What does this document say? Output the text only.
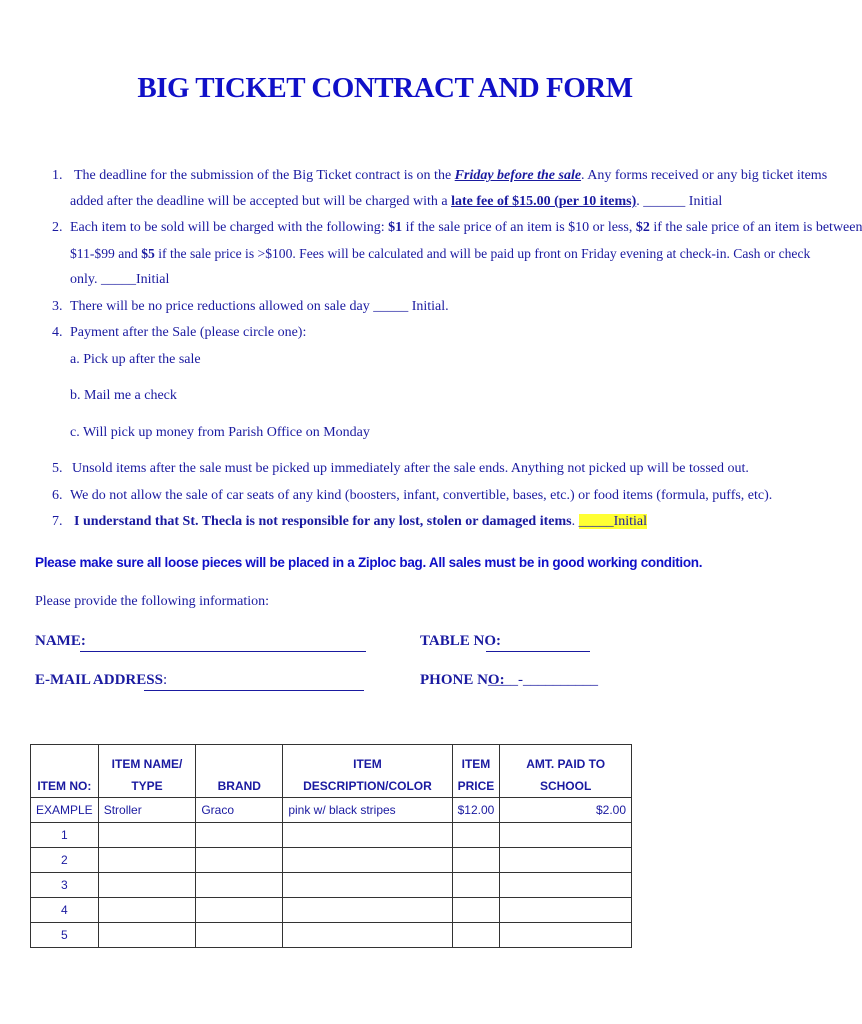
BIG TICKET CONTRACT AND FORM
1. The deadline for the submission of the Big Ticket contract is on the Friday before the sale. Any forms received or any big ticket items
added after the deadline will be accepted but will be charged with a late fee of $15.00 (per 10 items). ______ Initial
2. Each item to be sold will be charged with the following: $1 if the sale price of an item is $10 or less, $2 if the sale price of an item is between
$11-$99 and $5 if the sale price is >$100. Fees will be calculated and will be paid up front on Friday evening at check-in. Cash or check
only. _____Initial
3. There will be no price reductions allowed on sale day _____ Initial.
4. Payment after the Sale (please circle one):
a. Pick up after the sale
b. Mail me a check
c. Will pick up money from Parish Office on Monday
5. Unsold items after the sale must be picked up immediately after the sale ends. Anything not picked up will be tossed out.
6. We do not allow the sale of car seats of any kind (boosters, infant, convertible, bases, etc.) or food items (formula, puffs, etc).
7. I understand that St. Thecla is not responsible for any lost, stolen or damaged items. _____Initial
Please make sure all loose pieces will be placed in a Ziploc bag. All sales must be in good working condition.
Please provide the following information:
NAME:	TABLE NO:
E-MAIL ADDRESS:	PHONE NO:
____-__________
ITEM NO:	ITEM NAME/ TYPE	BRAND	ITEM DESCRIPTION/COLOR	ITEM
PRICE	AMT. PAID TO SCHOOL
EXAMPLE	Stroller	Graco	pink w/ black stripes	$12.00	$2.00
1					
2					
3					
4					
5					
